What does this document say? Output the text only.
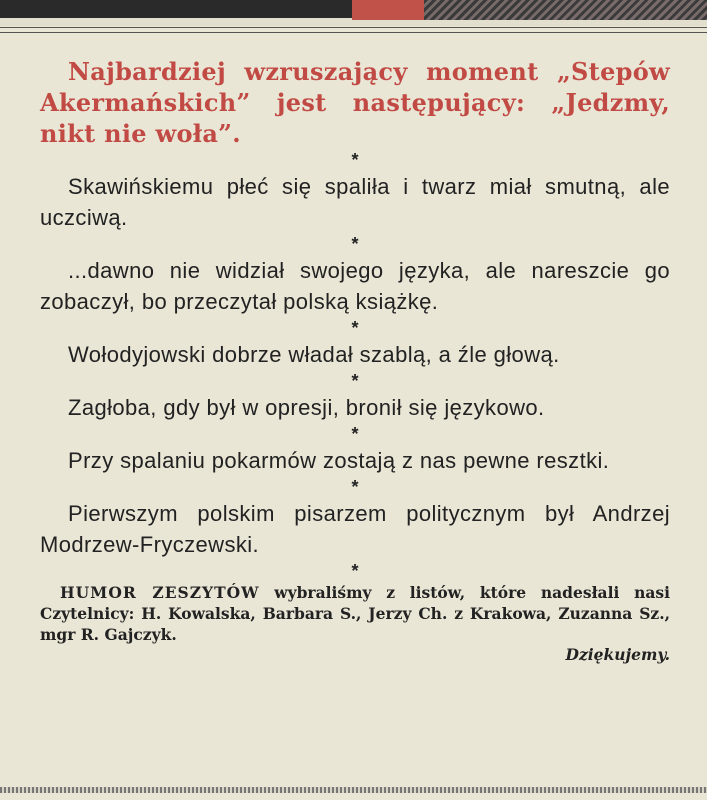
Najbardziej wzruszający moment „Stepów Akermańskich” jest następujący: „Jedzmy, nikt nie woła”.

*

Skawińskiemu płeć się spaliła i twarz miał smutną, ale uczciwą.

*

...dawno nie widział swojego języka, ale nareszcie go zobaczył, bo przeczytał polską książkę.

*

Wołodyjowski dobrze władał szablą, a źle głową.

*

Zagłoba, gdy był w opresji, bronił się językowo.

*

Przy spalaniu pokarmów zostają z nas pewne resztki.

*

Pierwszym polskim pisarzem politycznym był Andrzej Modrzew-Fryczewski.

*

HUMOR ZESZYTÓW wybraliśmy z listów, które nadesłali nasi Czytelnicy: H. Kowalska, Barbara S., Jerzy Ch. z Krakowa, Zuzanna Sz., mgr R. Gajczyk.

Dziękujemy.
